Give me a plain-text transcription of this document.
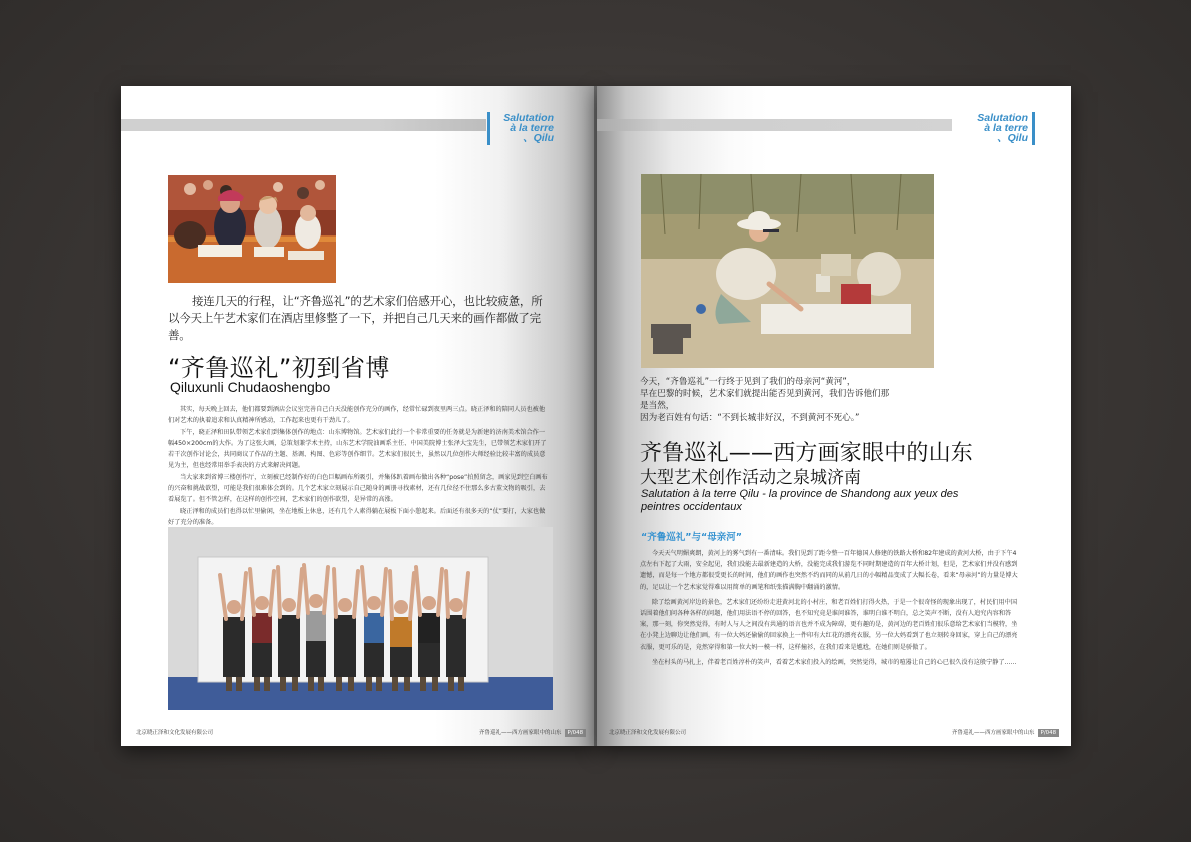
Salutation
à la terre
、Qilu
接连几天的行程，让“齐鲁巡礼”的艺术家们倍感开心，也比较疲惫，所以今天上午艺术家们在酒店里修整了一下，并把自己几天来的画作都做了完善。
“齐鲁巡礼”初到省博
Qiluxunli Chudaoshengbo

其实，每天晚上回去，他们都要到酒店会议室完善自己白天没能创作充分的画作，经常忙碌到夜里两三点。晓正泽和的陪同人员也被他们对艺术的执着追求和认真精神所感动，工作起来也更有干劲儿了。

下午，晓正泽和田队带领艺术家们到集体创作的地点：山东博物馆。艺术家们此行一个非常重要的任务就是为新建的济南美术馆合作一幅450×200cm的大作。为了这张大画，总策划兼学术主持，山东艺术学院油画系主任、中国美院博士张泽大宝先生，已带领艺术家们开了若干次创作讨论会，共同商议了作品的主题、基调、构图、色彩等创作细节。艺术家们很民主，虽然以几位创作大师经验比较丰富的成员意见为主，但也经常用举手表决的方式来解决问题。

当大家来到省博三楼创作厅，立刻被已经制作好的白色巨幅画布所吸引，并集体趴着画布做出各种“pose”拍照留念，画家见到空白画布的兴奋和挑战欲望，可能是我们很难体会到的。几个艺术家立刻展示自己随身的画册寻找素材，还有几位径不住那么多古董文物的吸引，去看展览了。但不管怎样，在这样的创作空间，艺术家们的创作欲望，是异常的高涨。

晓正泽和的成员们也得以忙里偷闲，坐在地板上休息，还有几个人素得躺在展板下面小憩起来。后面还有很多天的“仗”要打，大家也做好了充分的准备。

北京晓正泽和文化发展有限公司	齐鲁巡礼——西方画家眼中的山东 P/048
Salutation
à la terre
、Qilu

今天，“齐鲁巡礼”一行终于见到了我们的母亲河“黄河”，

早在巴黎的时候，艺术家们就提出能否见到黄河，我们告诉他们那是当然，

因为老百姓有句话：“不到长城非好汉，不到黄河不死心。”

齐鲁巡礼——西方画家眼中的山东
大型艺术创作活动之泉城济南
Salutation à la terre Qilu - la province de Shandong aux yeux des peintres occidentaux
“齐鲁巡礼”与“母亲河”

今天天气明媚爽朗，黄河上的雾气到有一番清味。我们见到了距今整一百年德国人修建的铁路大桥和82年建成的黄河大桥，由于下午4点左右下起了大雨，安全起见，我们没能去最新建造的大桥，没能完成我们游览不同时期建造的百年大桥计划，但是，艺术家们并没有感到遗憾，而是每一个地方都很受更长的时间，他们的画作也突然不约而同的从前几日的小幅精品变成了大幅长卷，看来“母亲河”的力量是博大的，足以让一个艺术家觉得难以用简单的画笔和纸张描满胸中翻涌的激情。

除了绘画黄河岸边的景色，艺术家们还纷纷走进黄河北的小村庄，和老百姓们打得火热，于是一个很奇怪的现象出现了，村民们用中国话围着他们问各种各样的问题，他们用法语不停的回答，也不知究竟是谁问谁答，谁明白谁不明白，总之笑声不断，没有人追究内容和答案，那一刻，你突然觉得，有时人与人之间没有共通的语言也并不成为障碍，更有趣的是，黄河边的老百姓们很乐意给艺术家们当模特，坐在小凳上边聊边让他们画，有一位大妈还偷偷的回家换上一件印有大红花的漂亮衣服，另一位大妈看到了也立刻转身回家，穿上自己的漂亮衣服，更可乐的是，竟然穿得和第一位大妈一模一样，这样撞衫，在我们看来是尴尬，在她们则是骄傲了。

坐在村头的马扎上，伴着老百姓淳朴的笑声，看着艺术家们投入的绘画，突然觉得，城市的喧嚣让自己的心已很久没有这般宁静了......

北京晓正泽和文化发展有限公司	齐鲁巡礼——西方画家眼中的山东 P/048
